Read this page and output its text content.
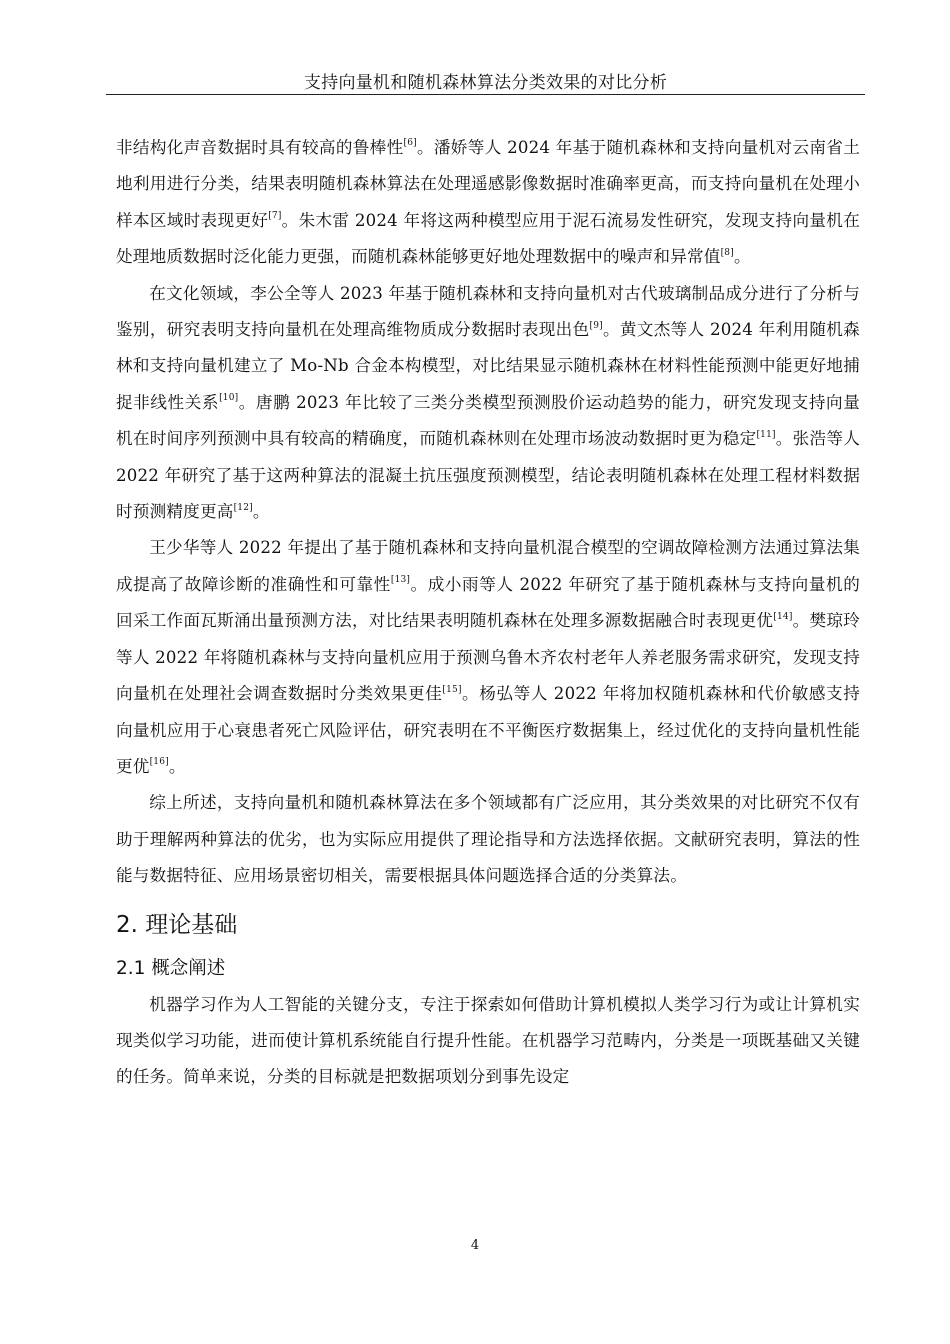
支持向量机和随机森林算法分类效果的对比分析

非结构化声音数据时具有较高的鲁棒性[6]。潘娇等人 2024 年基于随机森林和支持向量机对云南省土地利用进行分类，结果表明随机森林算法在处理遥感影像数据时准确率更高，而支持向量机在处理小样本区域时表现更好[7]。朱木雷 2024 年将这两种模型应用于泥石流易发性研究，发现支持向量机在处理地质数据时泛化能力更强，而随机森林能够更好地处理数据中的噪声和异常值[8]。

在文化领域，李公全等人 2023 年基于随机森林和支持向量机对古代玻璃制品成分进行了分析与鉴别，研究表明支持向量机在处理高维物质成分数据时表现出色[9]。黄文杰等人 2024 年利用随机森林和支持向量机建立了 Mo-Nb 合金本构模型，对比结果显示随机森林在材料性能预测中能更好地捕捉非线性关系[10]。唐鹏 2023 年比较了三类分类模型预测股价运动趋势的能力，研究发现支持向量机在时间序列预测中具有较高的精确度，而随机森林则在处理市场波动数据时更为稳定[11]。张浩等人 2022 年研究了基于这两种算法的混凝土抗压强度预测模型，结论表明随机森林在处理工程材料数据时预测精度更高[12]。

王少华等人 2022 年提出了基于随机森林和支持向量机混合模型的空调故障检测方法通过算法集成提高了故障诊断的准确性和可靠性[13]。成小雨等人 2022 年研究了基于随机森林与支持向量机的回采工作面瓦斯涌出量预测方法，对比结果表明随机森林在处理多源数据融合时表现更优[14]。樊琼玲等人 2022 年将随机森林与支持向量机应用于预测乌鲁木齐农村老年人养老服务需求研究，发现支持向量机在处理社会调查数据时分类效果更佳[15]。杨弘等人 2022 年将加权随机森林和代价敏感支持向量机应用于心衰患者死亡风险评估，研究表明在不平衡医疗数据集上，经过优化的支持向量机性能更优[16]。

综上所述，支持向量机和随机森林算法在多个领域都有广泛应用，其分类效果的对比研究不仅有助于理解两种算法的优劣，也为实际应用提供了理论指导和方法选择依据。文献研究表明，算法的性能与数据特征、应用场景密切相关，需要根据具体问题选择合适的分类算法。

2. 理论基础
2.1 概念阐述

机器学习作为人工智能的关键分支，专注于探索如何借助计算机模拟人类学习行为或让计算机实现类似学习功能，进而使计算机系统能自行提升性能。在机器学习范畴内，分类是一项既基础又关键的任务。简单来说，分类的目标就是把数据项划分到事先设定

4
